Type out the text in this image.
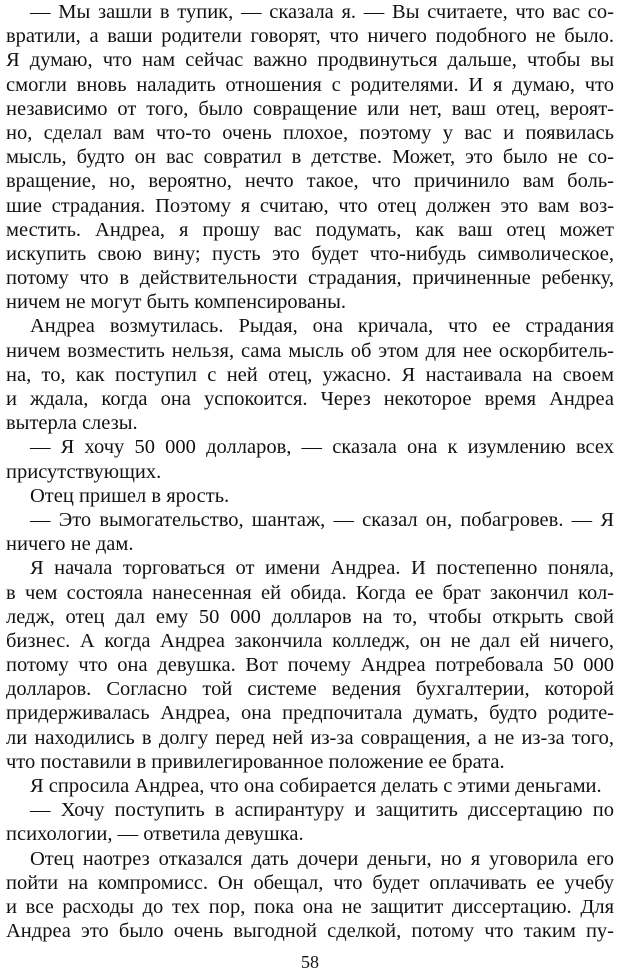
— Мы зашли в тупик, — сказала я. — Вы считаете, что вас со-
вратили, а ваши родители говорят, что ничего подобного не было.
Я думаю, что нам сейчас важно продвинуться дальше, чтобы вы
смогли вновь наладить отношения с родителями. И я думаю, что
независимо от того, было совращение или нет, ваш отец, вероят-
но, сделал вам что-то очень плохое, поэтому у вас и появилась
мысль, будто он вас совратил в детстве. Может, это было не со-
вращение, но, вероятно, нечто такое, что причинило вам боль-
шие страдания. Поэтому я считаю, что отец должен это вам воз-
местить. Андреа, я прошу вас подумать, как ваш отец может
искупить свою вину; пусть это будет что-нибудь символическое,
потому что в действительности страдания, причиненные ребенку,
ничем не могут быть компенсированы.
Андреа возмутилась. Рыдая, она кричала, что ее страдания
ничем возместить нельзя, сама мысль об этом для нее оскорбитель-
на, то, как поступил с ней отец, ужасно. Я настаивала на своем
и ждала, когда она успокоится. Через некоторое время Андреа
вытерла слезы.
— Я хочу 50 000 долларов, — сказала она к изумлению всех
присутствующих.
Отец пришел в ярость.
— Это вымогательство, шантаж, — сказал он, побагровев. — Я
ничего не дам.
Я начала торговаться от имени Андреа. И постепенно поняла,
в чем состояла нанесенная ей обида. Когда ее брат закончил кол-
ледж, отец дал ему 50 000 долларов на то, чтобы открыть свой
бизнес. А когда Андреа закончила колледж, он не дал ей ничего,
потому что она девушка. Вот почему Андреа потребовала 50 000
долларов. Согласно той системе ведения бухгалтерии, которой
придерживалась Андреа, она предпочитала думать, будто родите-
ли находились в долгу перед ней из-за совращения, а не из-за того,
что поставили в привилегированное положение ее брата.
Я спросила Андреа, что она собирается делать с этими деньгами.
— Хочу поступить в аспирантуру и защитить диссертацию по
психологии, — ответила девушка.
Отец наотрез отказался дать дочери деньги, но я уговорила его
пойти на компромисс. Он обещал, что будет оплачивать ее учебу
и все расходы до тех пор, пока она не защитит диссертацию. Для
Андреа это было очень выгодной сделкой, потому что таким пу-
58
